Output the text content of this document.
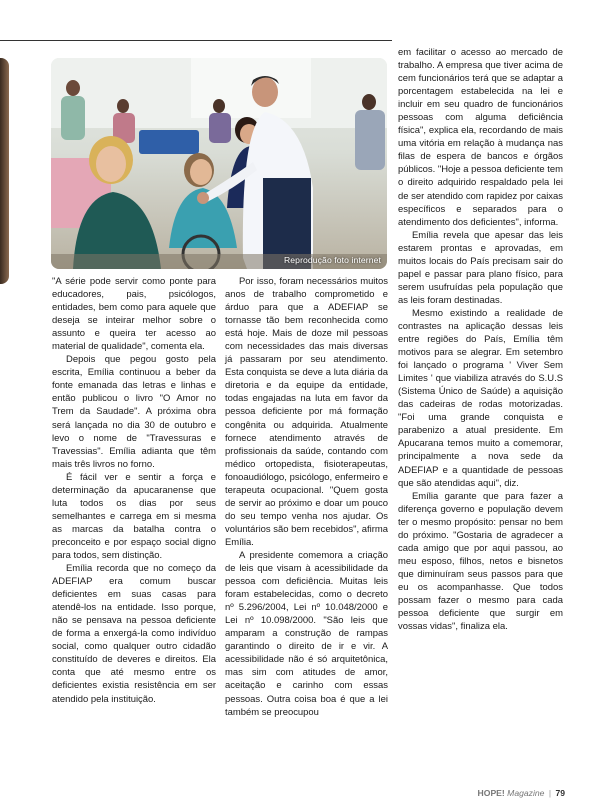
Reprodução foto internet

"A série pode servir como ponte para educadores, pais, psicólogos, entidades, bem como para aquele que deseja se inteirar melhor sobre o assunto e queira ter acesso ao material de qualidade", comenta ela.

Depois que pegou gosto pela escrita, Emília continuou a beber da fonte emanada das letras e linhas e então publicou o livro "O Amor no Trem da Saudade". A próxima obra será lançada no dia 30 de outubro e levo o nome de "Travessuras e Travessias". Emília adianta que têm mais três livros no forno.

É fácil ver e sentir a força e determinação da apucaranense que luta todos os dias por seus semelhantes e carrega em si mesma as marcas da batalha contra o preconceito e por espaço social digno para todos, sem distinção.

Emília recorda que no começo da ADEFIAP era comum buscar deficientes em suas casas para atendê-los na entidade. Isso porque, não se pensava na pessoa deficiente de forma a enxergá-la como indivíduo social, como qualquer outro cidadão constituído de deveres e direitos. Ela conta que até mesmo entre os deficientes existia resistência em ser atendido pela instituição.

Por isso, foram necessários muitos anos de trabalho comprometido e árduo para que a ADEFIAP se tornasse tão bem reconhecida como está hoje. Mais de doze mil pessoas com necessidades das mais diversas já passaram por seu atendimento. Esta conquista se deve a luta diária da diretoria e da equipe da entidade, todas engajadas na luta em favor da pessoa deficiente por má formação congênita ou adquirida. Atualmente fornece atendimento através de profissionais da saúde, contando com médico ortopedista, fisioterapeutas, fonoaudiólogo, psicólogo, enfermeiro e terapeuta ocupacional. "Quem gosta de servir ao próximo e doar um pouco do seu tempo venha nos ajudar. Os voluntários são bem recebidos", afirma Emília.

A presidente comemora a criação de leis que visam à acessibilidade da pessoa com deficiência. Muitas leis foram estabelecidas, como o decreto nº 5.296/2004, Lei nº 10.048/2000 e Lei nº 10.098/2000. "São leis que amparam a construção de rampas garantindo o direito de ir e vir. A acessibilidade não é só arquitetônica, mas sim com atitudes de amor, aceitação e carinho com essas pessoas. Outra coisa boa é que a lei também se preocupou

em facilitar o acesso ao mercado de trabalho. A empresa que tiver acima de cem funcionários terá que se adaptar a porcentagem estabelecida na lei e incluir em seu quadro de funcionários pessoas com alguma deficiência física", explica ela, recordando de mais uma vitória em relação à mudança nas filas de espera de bancos e órgãos públicos. "Hoje a pessoa deficiente tem o direito adquirido respaldado pela lei de ser atendido com rapidez por caixas específicos e separados para o atendimento dos deficientes", informa.

Emília revela que apesar das leis estarem prontas e aprovadas, em muitos locais do País precisam sair do papel e passar para plano físico, para serem usufruídas pela população que as leis foram destinadas.

Mesmo existindo a realidade de contrastes na aplicação dessas leis entre regiões do País, Emília têm motivos para se alegrar. Em setembro foi lançado o programa ' Viver Sem Limites ' que viabiliza através do S.U.S (Sistema Único de Saúde) a aquisição das cadeiras de rodas motorizadas. "Foi uma grande conquista e parabenizo a atual presidente. Em Apucarana temos muito a comemorar, principalmente a nova sede da ADEFIAP e a quantidade de pessoas que são atendidas aqui", diz.

Emília garante que para fazer a diferença governo e população devem ter o mesmo propósito: pensar no bem do próximo. "Gostaria de agradecer a cada amigo que por aqui passou, ao meu esposo, filhos, netos e bisnetos que diminuíram seus passos para que eu os acompanhasse. Que todos possam fazer o mesmo para cada pessoa deficiente que surgir em vossas vidas", finaliza ela.

HOPE! Magazine | 79
